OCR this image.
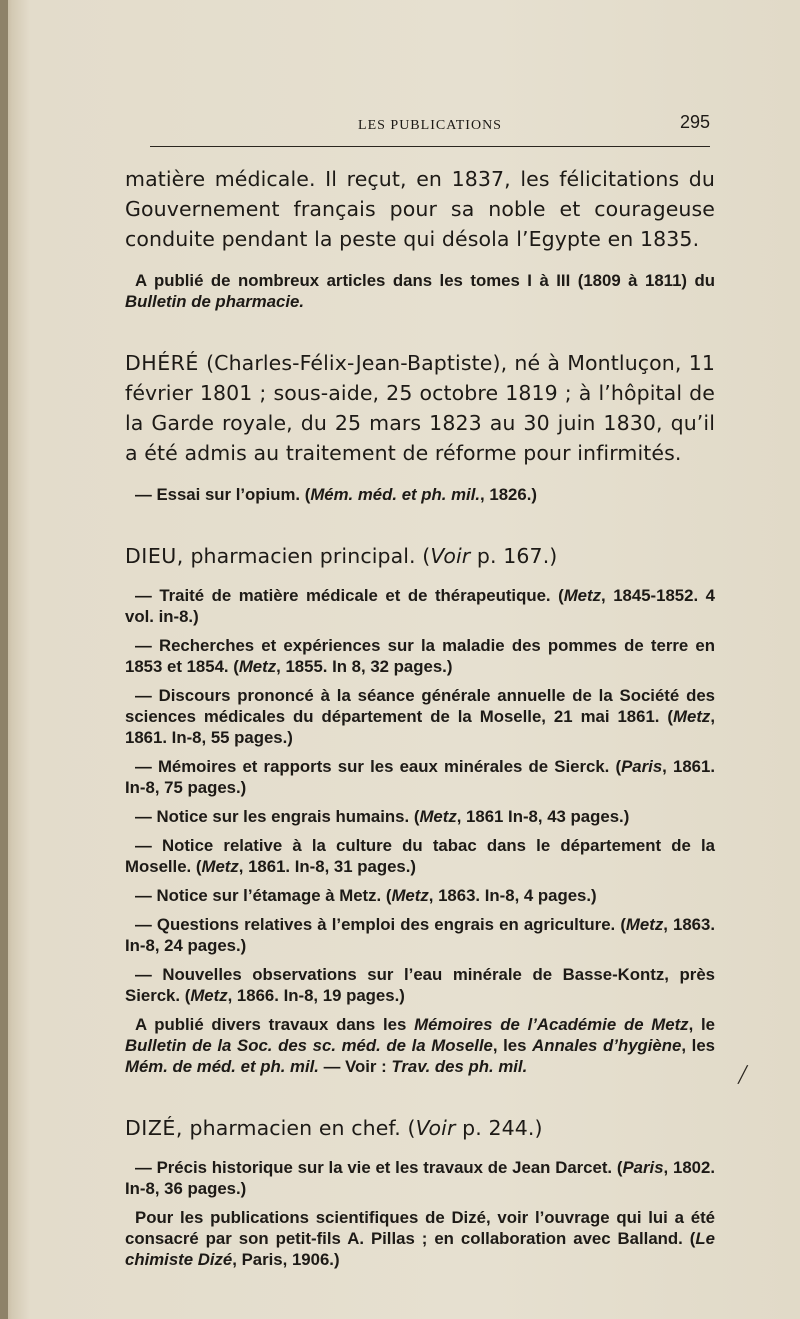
LES PUBLICATIONS	295

matière médicale. Il reçut, en 1837, les félicitations du Gouvernement français pour sa noble et courageuse conduite pendant la peste qui désola l’Egypte en 1835.

A publié de nombreux articles dans les tomes I à III (1809 à 1811) du Bulletin de pharmacie.

DHÉRÉ (Charles-Félix-Jean-Baptiste), né à Montluçon, 11 février 1801 ; sous-aide, 25 octobre 1819 ; à l’hôpital de la Garde royale, du 25 mars 1823 au 30 juin 1830, qu’il a été admis au traitement de réforme pour infirmités.

— Essai sur l’opium. (Mém. méd. et ph. mil., 1826.)

DIEU, pharmacien principal. (Voir p. 167.)

— Traité de matière médicale et de thérapeutique. (Metz, 1845-1852. 4 vol. in-8.)

— Recherches et expériences sur la maladie des pommes de terre en 1853 et 1854. (Metz, 1855. In 8, 32 pages.)

— Discours prononcé à la séance générale annuelle de la Société des sciences médicales du département de la Moselle, 21 mai 1861. (Metz, 1861. In-8, 55 pages.)

— Mémoires et rapports sur les eaux minérales de Sierck. (Paris, 1861. In-8, 75 pages.)

— Notice sur les engrais humains. (Metz, 1861 In-8, 43 pages.)

— Notice relative à la culture du tabac dans le département de la Moselle. (Metz, 1861. In-8, 31 pages.)

— Notice sur l’étamage à Metz. (Metz, 1863. In-8, 4 pages.)

— Questions relatives à l’emploi des engrais en agriculture. (Metz, 1863. In-8, 24 pages.)

— Nouvelles observations sur l’eau minérale de Basse-Kontz, près Sierck. (Metz, 1866. In-8, 19 pages.)

A publié divers travaux dans les Mémoires de l’Académie de Metz, le Bulletin de la Soc. des sc. méd. de la Moselle, les Annales d’hygiène, les Mém. de méd. et ph. mil. — Voir : Trav. des ph. mil.

DIZÉ, pharmacien en chef. (Voir p. 244.)

— Précis historique sur la vie et les travaux de Jean Darcet. (Paris, 1802. In-8, 36 pages.)

Pour les publications scientifiques de Dizé, voir l’ouvrage qui lui a été consacré par son petit-fils A. Pillas ; en collaboration avec Balland. (Le chimiste Dizé, Paris, 1906.)

╱
